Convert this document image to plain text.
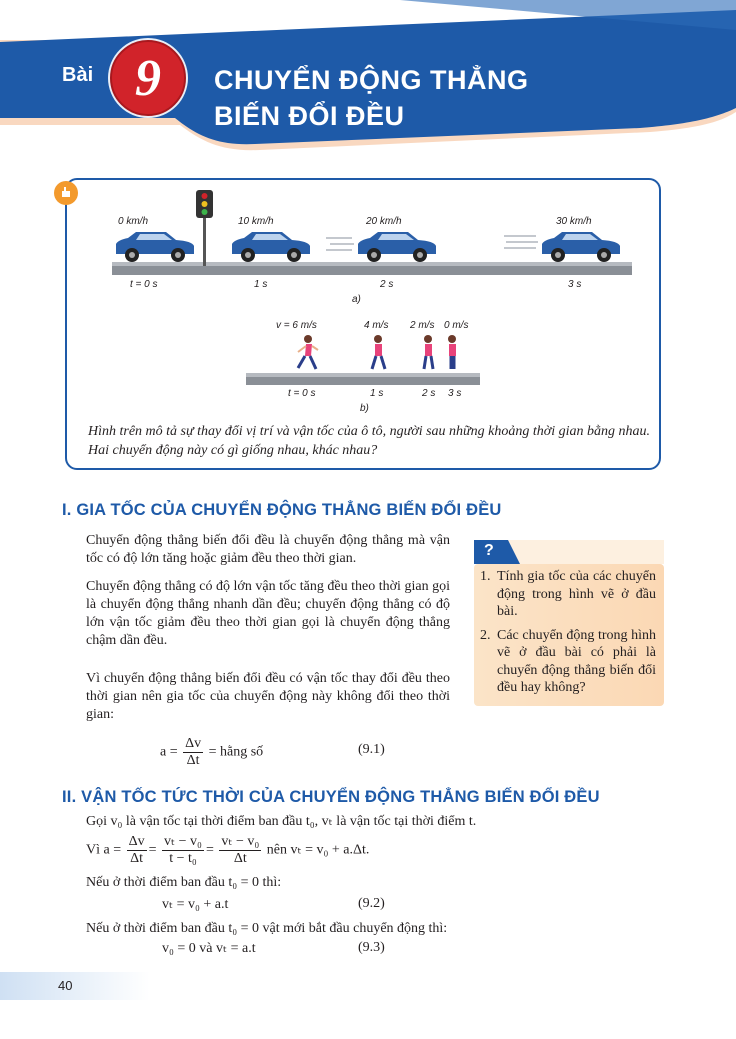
Bài 9	CHUYỂN ĐỘNG THẲNG
BIẾN ĐỔI ĐỀU
0 km/h	10 km/h	20 km/h	30 km/h
t = 0 s	1 s	2 s	3 s
a)
v = 6 m/s	4 m/s 2 m/s 0 m/s
t = 0 s	1 s	2 s 3 s
b)
Hình trên mô tả sự thay đổi vị trí và vận tốc của ô tô, người sau những khoảng thời gian bằng nhau. Hai chuyển động này có gì giống nhau, khác nhau?
I. GIA TỐC CỦA CHUYỂN ĐỘNG THẲNG BIẾN ĐỔI ĐỀU

Chuyển động thẳng biến đổi đều là chuyển động thẳng mà vận tốc có độ lớn tăng hoặc giảm đều theo thời gian.

Chuyển động thẳng có độ lớn vận tốc tăng đều theo thời gian gọi là chuyển động thẳng nhanh dần đều; chuyển động thẳng có độ lớn vận tốc giảm đều theo thời gian gọi là chuyển động thẳng chậm dần đều.

Vì chuyển động thẳng biến đổi đều có vận tốc thay đổi đều theo thời gian nên gia tốc của chuyển động này không đổi theo thời gian:

$a = \frac{\Delta v}{\Delta t}$ = hằng số	(9.1)
?
1. Tính gia tốc của các chuyển động trong hình vẽ ở đầu bài.
2. Các chuyển động trong hình vẽ ở đầu bài có phải là chuyển động thẳng biến đổi đều hay không?
II. VẬN TỐC TỨC THỜI CỦA CHUYỂN ĐỘNG THẲNG BIẾN ĐỔI ĐỀU
Gọi v₀ là vận tốc tại thời điểm ban đầu t₀, vₜ là vận tốc tại thời điểm t.
Vì $a = \frac{\Delta v}{\Delta t} = \frac{\text{vₜ − v₀}}{\text{t − t₀}} = \frac{\text{vₜ − v₀}}{\Delta t}$ nên vₜ = v₀ + a.Δt.
Nếu ở thời điểm ban đầu t₀ = 0 thì:
vₜ = v₀ + a.t	(9.2)
Nếu ở thời điểm ban đầu t₀ = 0 vật mới bắt đầu chuyển động thì:
v₀ = 0 và vₜ = a.t	(9.3)
40
